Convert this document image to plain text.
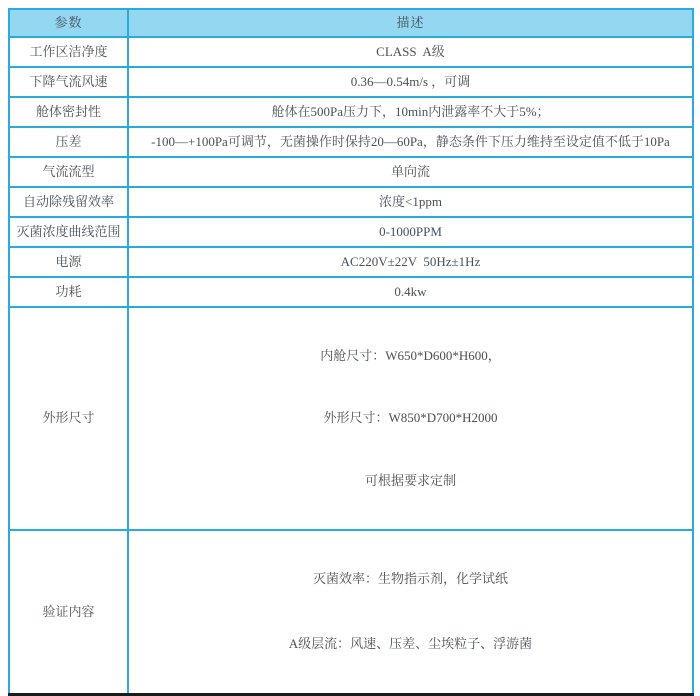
参数	描述
工作区洁净度	CLASS  A级
下降气流风速	0.36—0.54m/s ，可调
舱体密封性	舱体在500Pa压力下，10min内泄露率不大于5%；
压差	-100—+100Pa可调节，无菌操作时保持20—60Pa，静态条件下压力维持至设定值不低于10Pa
气流流型	单向流
自动除残留效率	浓度<1ppm
灭菌浓度曲线范围	0-1000PPM
电源	AC220V±22V  50Hz±1Hz
功耗	0.4kw
外形尺寸	内舱尺寸：W650*D600*H600，

外形尺寸：W850*D700*H2000

可根据要求定制

验证内容	灭菌效率：生物指示剂，化学试纸

A级层流：风速、压差、尘埃粒子、浮游菌
